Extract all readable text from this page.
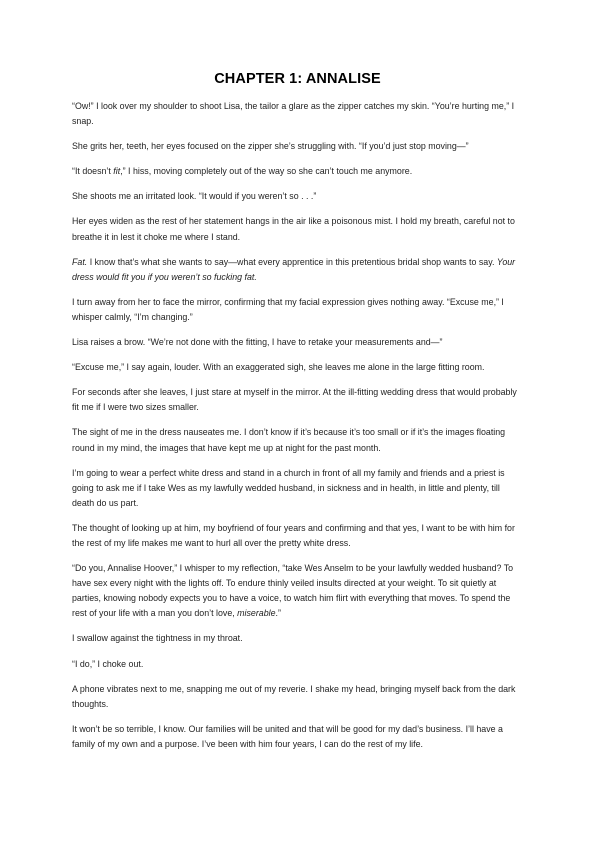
CHAPTER 1: ANNALISE

“Ow!” I look over my shoulder to shoot Lisa, the tailor a glare as the zipper catches my skin. “You’re hurting me,” I snap.

She grits her, teeth, her eyes focused on the zipper she’s struggling with. “If you’d just stop moving—”

“It doesn’t fit,” I hiss, moving completely out of the way so she can’t touch me anymore.

She shoots me an irritated look. “It would if you weren’t so . . .”

Her eyes widen as the rest of her statement hangs in the air like a poisonous mist. I hold my breath, careful not to breathe it in lest it choke me where I stand.

Fat. I know that’s what she wants to say—what every apprentice in this pretentious bridal shop wants to say. Your dress would fit you if you weren’t so fucking fat.

I turn away from her to face the mirror, confirming that my facial expression gives nothing away. “Excuse me,” I whisper calmly, “I’m changing.”

Lisa raises a brow. “We’re not done with the fitting, I have to retake your measurements and—”

“Excuse me,” I say again, louder. With an exaggerated sigh, she leaves me alone in the large fitting room.

For seconds after she leaves, I just stare at myself in the mirror. At the ill-fitting wedding dress that would probably fit me if I were two sizes smaller.

The sight of me in the dress nauseates me. I don’t know if it’s because it’s too small or if it’s the images floating round in my mind, the images that have kept me up at night for the past month.

I’m going to wear a perfect white dress and stand in a church in front of all my family and friends and a priest is going to ask me if I take Wes as my lawfully wedded husband, in sickness and in health, in little and plenty, till death do us part.

The thought of looking up at him, my boyfriend of four years and confirming and that yes, I want to be with him for the rest of my life makes me want to hurl all over the pretty white dress.

“Do you, Annalise Hoover,” I whisper to my reflection, “take Wes Anselm to be your lawfully wedded husband? To have sex every night with the lights off. To endure thinly veiled insults directed at your weight. To sit quietly at parties, knowing nobody expects you to have a voice, to watch him flirt with everything that moves. To spend the rest of your life with a man you don’t love, miserable.”

I swallow against the tightness in my throat.

“I do,” I choke out.

A phone vibrates next to me, snapping me out of my reverie. I shake my head, bringing myself back from the dark thoughts.

It won’t be so terrible, I know. Our families will be united and that will be good for my dad’s business. I’ll have a family of my own and a purpose. I’ve been with him four years, I can do the rest of my life.
